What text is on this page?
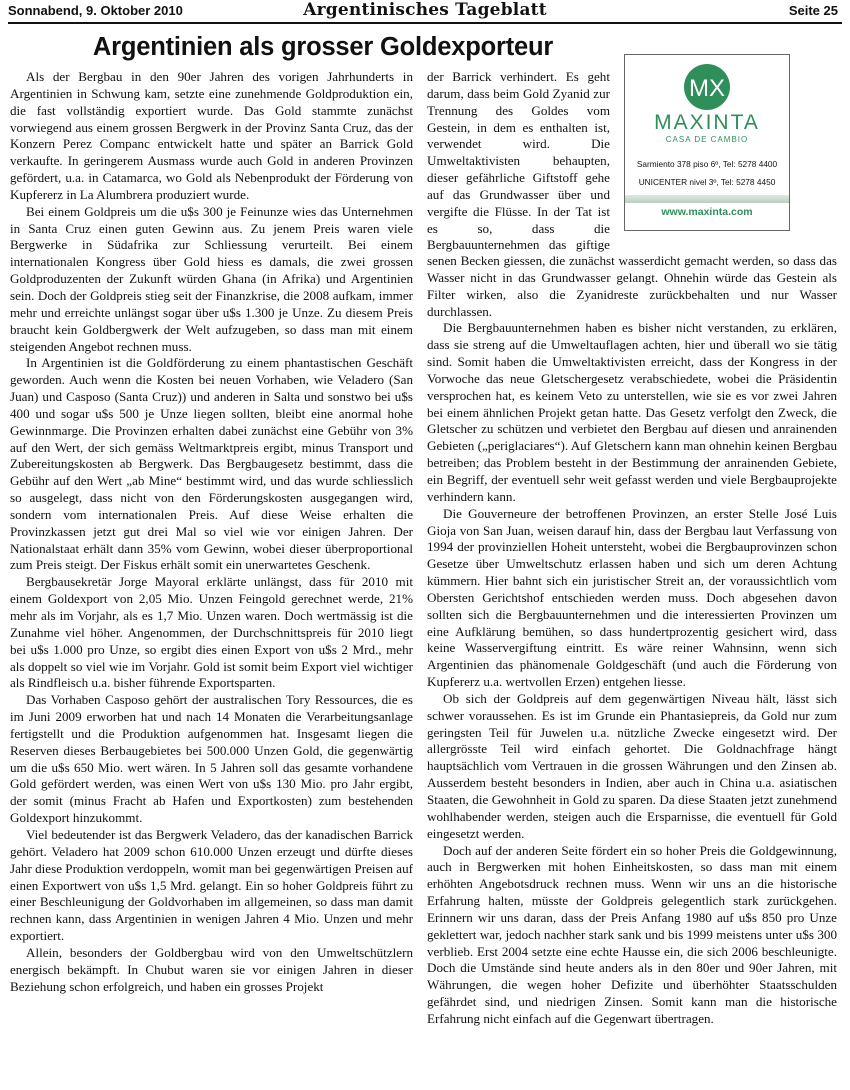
Sonnabend, 9. Oktober 2010	Argentinisches Tageblatt	Seite 25
Argentinien als grosser Goldexporteur

Als der Bergbau in den 90er Jahren des vorigen Jahrhunderts in Argentinien in Schwung kam, setzte eine zunehmende Goldproduktion ein, die fast vollständig exportiert wurde. Das Gold stammte zunächst vorwiegend aus einem grossen Bergwerk in der Provinz Santa Cruz, das der Konzern Perez Companc entwickelt hatte und später an Barrick Gold verkaufte. In geringerem Ausmass wurde auch Gold in anderen Provinzen gefördert, u.a. in Catamarca, wo Gold als Nebenprodukt der Förderung von Kupfererz in La Alumbrera produziert wurde.

Bei einem Goldpreis um die u$s 300 je Feinunze wies das Unternehmen in Santa Cruz einen guten Gewinn aus. Zu jenem Preis waren viele Bergwerke in Südafrika zur Schliessung verurteilt. Bei einem internationalen Kongress über Gold hiess es damals, die zwei grossen Goldproduzenten der Zukunft würden Ghana (in Afrika) und Argentinien sein. Doch der Goldpreis stieg seit der Finanzkrise, die 2008 aufkam, immer mehr und erreichte unlängst sogar über u$s 1.300 je Unze. Zu diesem Preis braucht kein Goldbergwerk der Welt aufzugeben, so dass man mit einem steigenden Angebot rechnen muss.

In Argentinien ist die Goldförderung zu einem phantastischen Geschäft geworden. Auch wenn die Kosten bei neuen Vorhaben, wie Veladero (San Juan) und Casposo (Santa Cruz)) und anderen in Salta und sonstwo bei u$s 400 und sogar u$s 500 je Unze liegen sollten, bleibt eine anormal hohe Gewinnmarge. Die Provinzen erhalten dabei zunächst eine Gebühr von 3% auf den Wert, der sich gemäss Weltmarktpreis ergibt, minus Transport und Zubereitungskosten ab Bergwerk. Das Bergbaugesetz bestimmt, dass die Gebühr auf den Wert „ab Mine“ bestimmt wird, und das wurde schliesslich so ausgelegt, dass nicht von den Förderungskosten ausgegangen wird, sondern vom internationalen Preis. Auf diese Weise erhalten die Provinzkassen jetzt gut drei Mal so viel wie vor einigen Jahren. Der Nationalstaat erhält dann 35% vom Gewinn, wobei dieser überproportional zum Preis steigt. Der Fiskus erhält somit ein unerwartetes Geschenk.

Bergbausekretär Jorge Mayoral erklärte unlängst, dass für 2010 mit einem Goldexport von 2,05 Mio. Unzen Feingold gerechnet werde, 21% mehr als im Vorjahr, als es 1,7 Mio. Unzen waren. Doch wertmässig ist die Zunahme viel höher. Angenommen, der Durchschnittspreis für 2010 liegt bei u$s 1.000 pro Unze, so ergibt dies einen Export von u$s 2 Mrd., mehr als doppelt so viel wie im Vorjahr. Gold ist somit beim Export viel wichtiger als Rindfleisch u.a. bisher führende Exportsparten.

Das Vorhaben Casposo gehört der australischen Tory Ressources, die es im Juni 2009 erworben hat und nach 14 Monaten die Verarbeitungsanlage fertigstellt und die Produktion aufgenommen hat. Insgesamt liegen die Reserven dieses Berbaugebietes bei 500.000 Unzen Gold, die gegenwärtig um die u$s 650 Mio. wert wären. In 5 Jahren soll das gesamte vorhandene Gold gefördert werden, was einen Wert von u$s 130 Mio. pro Jahr ergibt, der somit (minus Fracht ab Hafen und Exportkosten) zum bestehenden Goldexport hinzukommt.

Viel bedeutender ist das Bergwerk Veladero, das der kanadischen Barrick gehört. Veladero hat 2009 schon 610.000 Unzen erzeugt und dürfte dieses Jahr diese Produktion verdoppeln, womit man bei gegenwärtigen Preisen auf einen Exportwert von u$s 1,5 Mrd. gelangt. Ein so hoher Goldpreis führt zu einer Beschleunigung der Goldvorhaben im allgemeinen, so dass man damit rechnen kann, dass Argentinien in wenigen Jahren 4 Mio. Unzen und mehr exportiert.

Allein, besonders der Goldbergbau wird von den Umweltschützlern energisch bekämpft. In Chubut waren sie vor einigen Jahren in dieser Beziehung schon erfolgreich, und haben ein grosses Projekt

der Barrick verhindert. Es geht darum, dass beim Gold Zyanid zur Trennung des Goldes vom Gestein, in dem es enthalten ist, verwendet wird. Die Umweltaktivisten behaupten, dieser gefährliche Giftstoff gehe auf das Grundwasser über und vergifte die Flüsse. In der Tat ist es so, dass die Bergbauunternehmen das giftige

MX
MAXINTA
CASA DE CAMBIO
Sarmiento 378 piso 6º, Tel: 5278 4400
UNICENTER nivel 3º, Tel: 5278 4450
www.maxinta.com

senen Becken giessen, die zunächst wasserdicht gemacht werden, so dass das Wasser nicht in das Grundwasser gelangt. Ohnehin würde das Gestein als Filter wirken, also die Zyanidreste zurückbehalten und nur Wasser durchlassen.

Die Bergbauunternehmen haben es bisher nicht verstanden, zu erklären, dass sie streng auf die Umweltauflagen achten, hier und überall wo sie tätig sind. Somit haben die Umweltaktivisten erreicht, dass der Kongress in der Vorwoche das neue Gletschergesetz verabschiedete, wobei die Präsidentin versprochen hat, es keinem Veto zu unterstellen, wie sie es vor zwei Jahren bei einem ähnlichen Projekt getan hatte. Das Gesetz verfolgt den Zweck, die Gletscher zu schützen und verbietet den Bergbau auf diesen und anrainenden Gebieten („periglaciares“). Auf Gletschern kann man ohnehin keinen Bergbau betreiben; das Problem besteht in der Bestimmung der anrainenden Gebiete, ein Begriff, der eventuell sehr weit gefasst werden und viele Bergbauprojekte verhindern kann.

Die Gouverneure der betroffenen Provinzen, an erster Stelle José Luis Gioja von San Juan, weisen darauf hin, dass der Bergbau laut Verfassung von 1994 der provinziellen Hoheit untersteht, wobei die Bergbauprovinzen schon Gesetze über Umweltschutz erlassen haben und sich um deren Achtung kümmern. Hier bahnt sich ein juristischer Streit an, der voraussichtlich vom Obersten Gerichtshof entschieden werden muss. Doch abgesehen davon sollten sich die Bergbauunternehmen und die interessierten Provinzen um eine Aufklärung bemühen, so dass hundertprozentig gesichert wird, dass keine Wasservergiftung eintritt. Es wäre reiner Wahnsinn, wenn sich Argentinien das phänomenale Goldgeschäft (und auch die Förderung von Kupfererz u.a. wertvollen Erzen) entgehen liesse.

Ob sich der Goldpreis auf dem gegenwärtigen Niveau hält, lässt sich schwer voraussehen. Es ist im Grunde ein Phantasiepreis, da Gold nur zum geringsten Teil für Juwelen u.a. nützliche Zwecke eingesetzt wird. Der allergrösste Teil wird einfach gehortet. Die Goldnachfrage hängt hauptsächlich vom Vertrauen in die grossen Währungen und den Zinsen ab. Ausserdem besteht besonders in Indien, aber auch in China u.a. asiatischen Staaten, die Gewohnheit in Gold zu sparen. Da diese Staaten jetzt zunehmend wohlhabender werden, steigen auch die Ersparnisse, die eventuell für Gold eingesetzt werden.

Doch auf der anderen Seite fördert ein so hoher Preis die Goldgewinnung, auch in Bergwerken mit hohen Einheitskosten, so dass man mit einem erhöhten Angebotsdruck rechnen muss. Wenn wir uns an die historische Erfahrung halten, müsste der Goldpreis gelegentlich stark zurückgehen. Erinnern wir uns daran, dass der Preis Anfang 1980 auf u$s 850 pro Unze geklettert war, jedoch nachher stark sank und bis 1999 meistens unter u$s 300 verblieb. Erst 2004 setzte eine echte Hausse ein, die sich 2006 beschleunigte. Doch die Umstände sind heute anders als in den 80er und 90er Jahren, mit Währungen, die wegen hoher Defizite und überhöhter Staatsschulden gefährdet sind, und niedrigen Zinsen. Somit kann man die historische Erfahrung nicht einfach auf die Gegenwart übertragen.
